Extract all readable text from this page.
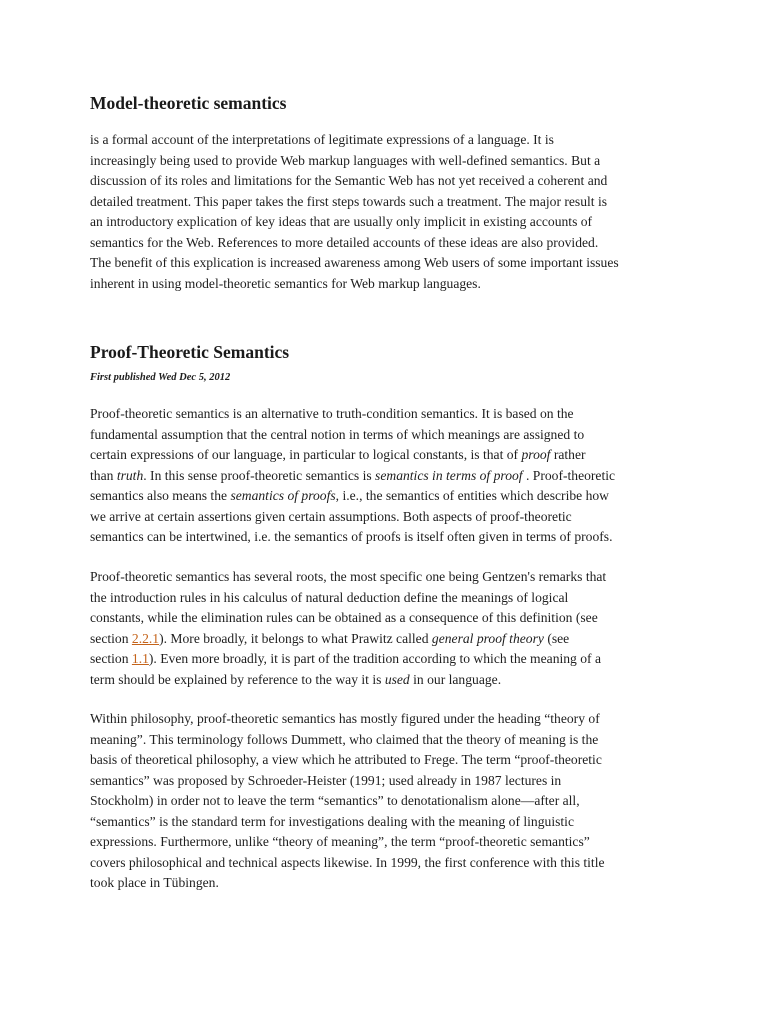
Model-theoretic semantics

is a formal account of the interpretations of legitimate expressions of a language. It is
increasingly being used to provide Web markup languages with well-defined semantics. But a
discussion of its roles and limitations for the Semantic Web has not yet received a coherent and
detailed treatment. This paper takes the first steps towards such a treatment. The major result is
an introductory explication of key ideas that are usually only implicit in existing accounts of
semantics for the Web. References to more detailed accounts of these ideas are also provided.
The benefit of this explication is increased awareness among Web users of some important issues
inherent in using model-theoretic semantics for Web markup languages.

Proof-Theoretic Semantics

First published Wed Dec 5, 2012

Proof-theoretic semantics is an alternative to truth-condition semantics. It is based on the
fundamental assumption that the central notion in terms of which meanings are assigned to
certain expressions of our language, in particular to logical constants, is that of proof rather
than truth. In this sense proof-theoretic semantics is semantics in terms of proof . Proof-theoretic
semantics also means the semantics of proofs, i.e., the semantics of entities which describe how
we arrive at certain assertions given certain assumptions. Both aspects of proof-theoretic
semantics can be intertwined, i.e. the semantics of proofs is itself often given in terms of proofs.

Proof-theoretic semantics has several roots, the most specific one being Gentzen's remarks that
the introduction rules in his calculus of natural deduction define the meanings of logical
constants, while the elimination rules can be obtained as a consequence of this definition (see
section 2.2.1). More broadly, it belongs to what Prawitz called general proof theory (see
section 1.1). Even more broadly, it is part of the tradition according to which the meaning of a
term should be explained by reference to the way it is used in our language.

Within philosophy, proof-theoretic semantics has mostly figured under the heading “theory of
meaning”. This terminology follows Dummett, who claimed that the theory of meaning is the
basis of theoretical philosophy, a view which he attributed to Frege. The term “proof-theoretic
semantics” was proposed by Schroeder-Heister (1991; used already in 1987 lectures in
Stockholm) in order not to leave the term “semantics” to denotationalism alone—after all,
“semantics” is the standard term for investigations dealing with the meaning of linguistic
expressions. Furthermore, unlike “theory of meaning”, the term “proof-theoretic semantics”
covers philosophical and technical aspects likewise. In 1999, the first conference with this title
took place in Tübingen.
